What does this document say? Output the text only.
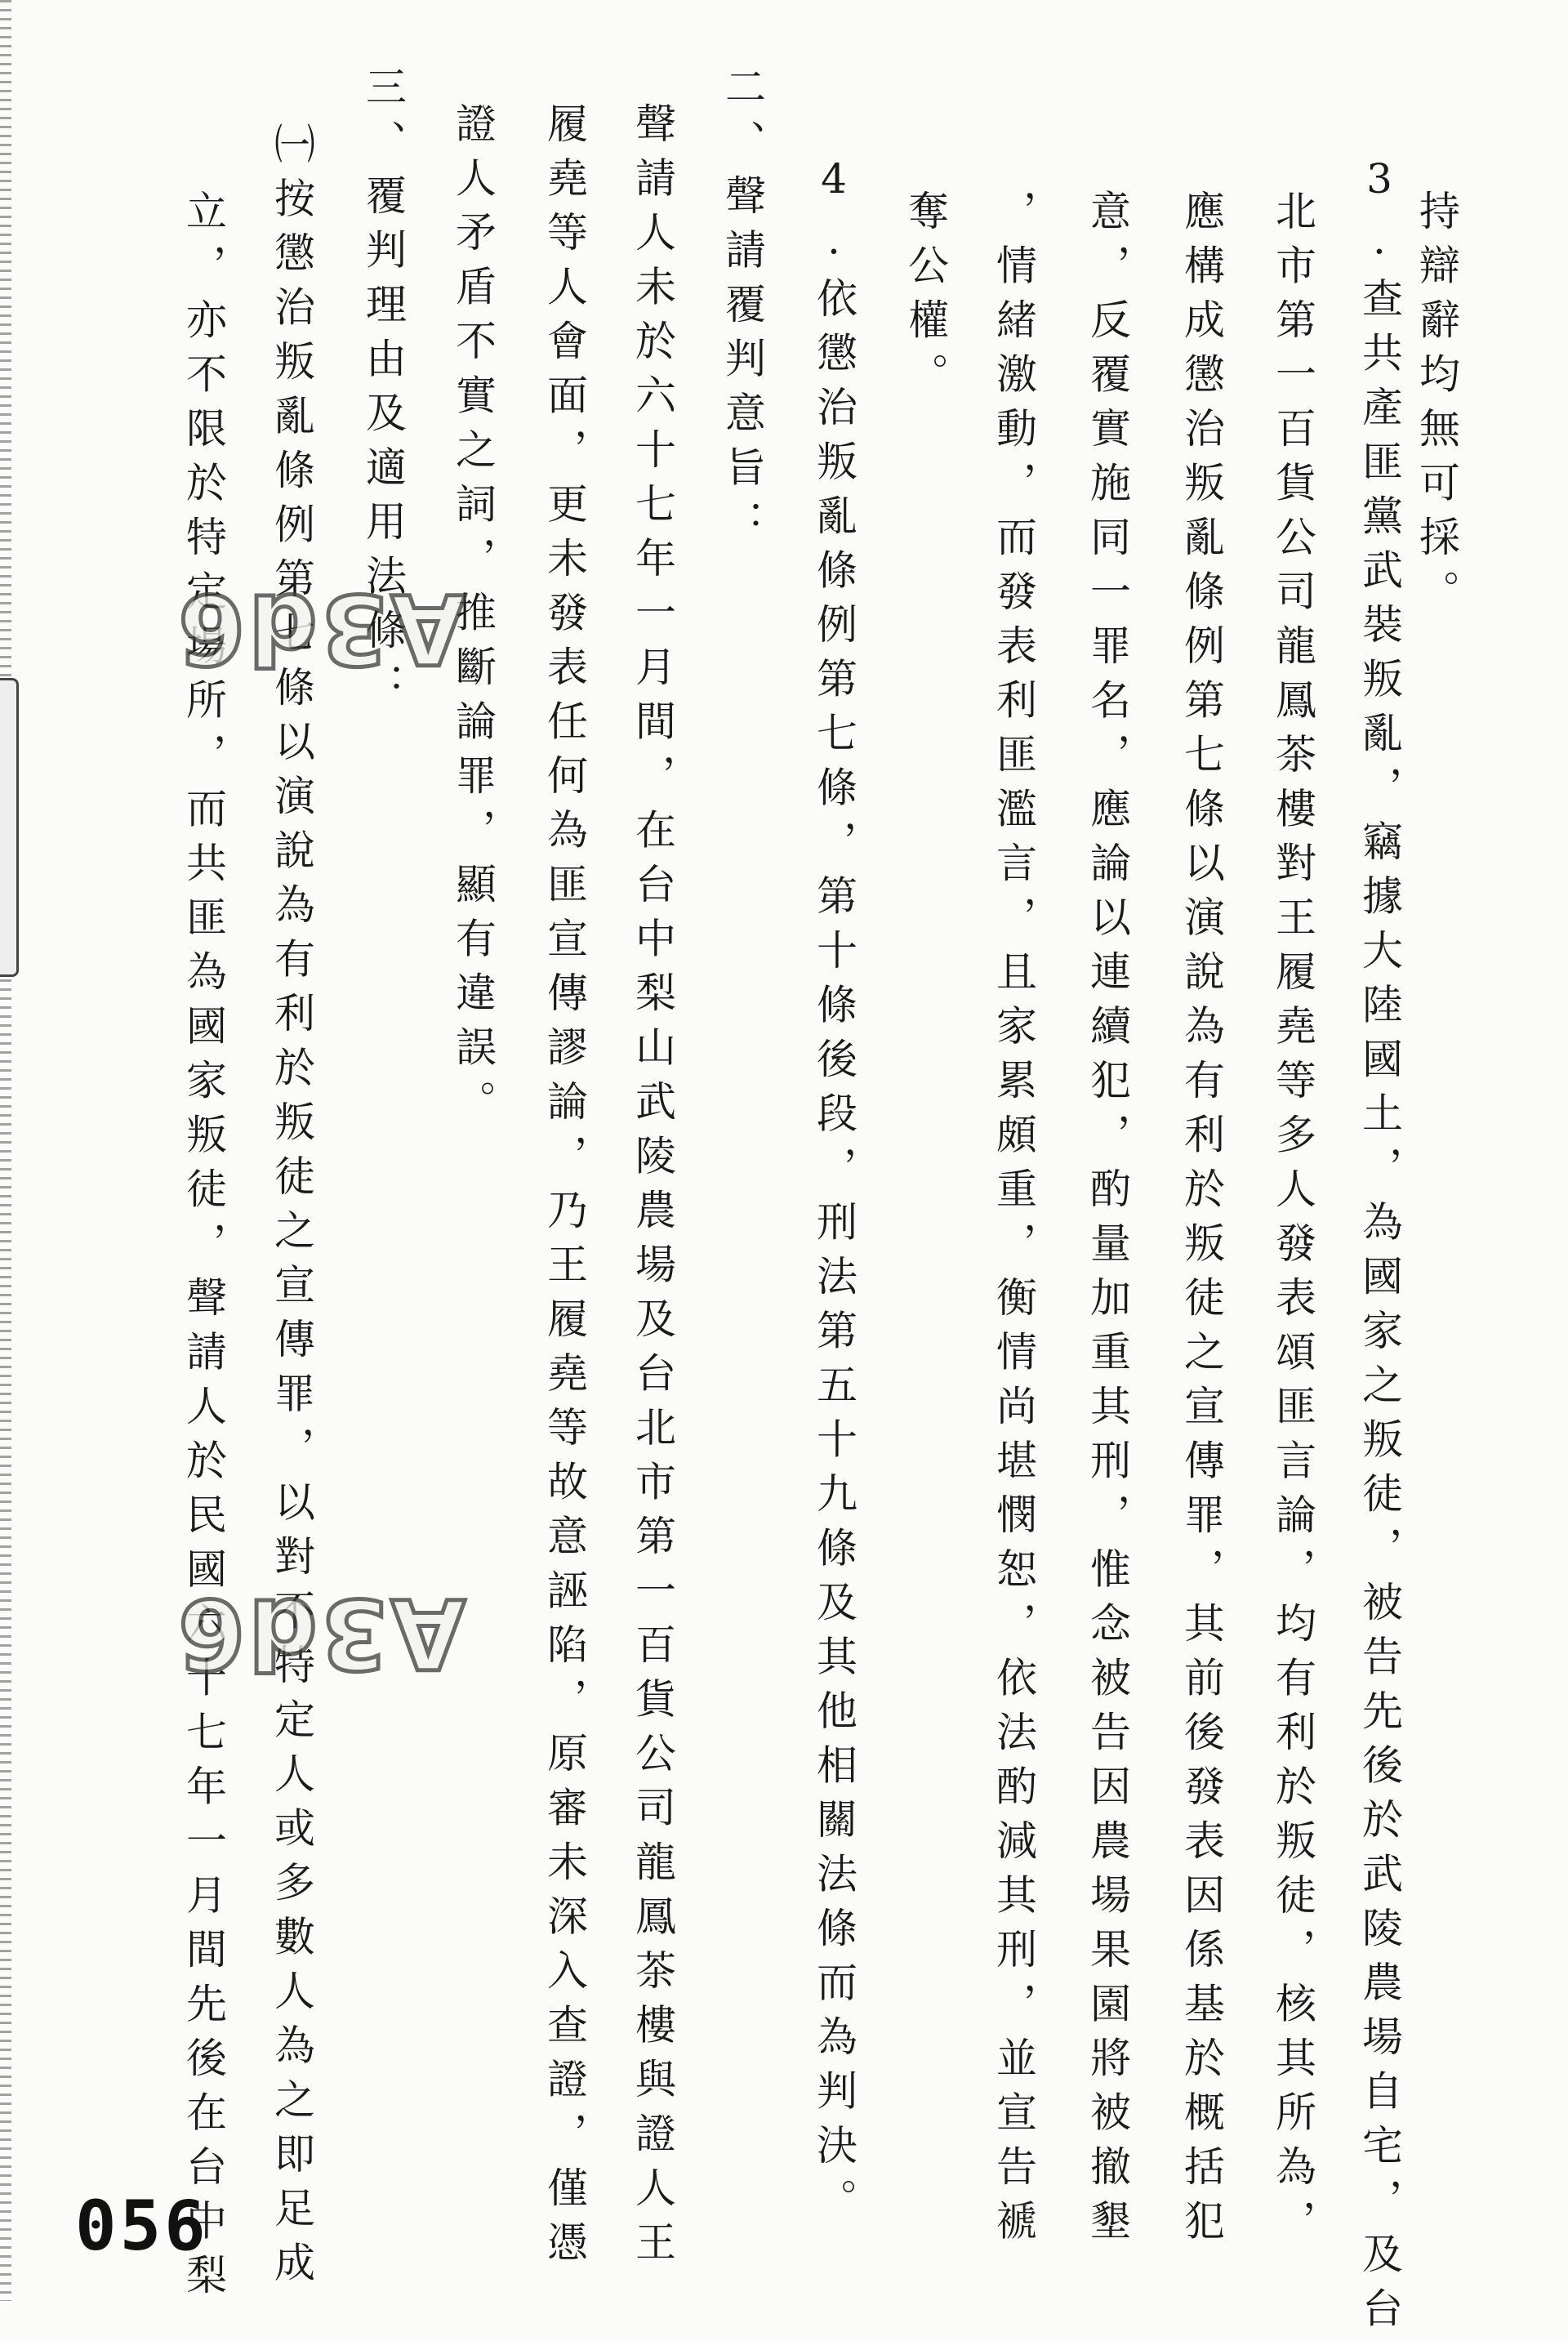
持辯辭均無可採。
3.查共產匪黨武裝叛亂，竊據大陸國土，為國家之叛徒，被告先後於武陵農場自宅，及台
北市第一百貨公司龍鳳茶樓對王履堯等多人發表頌匪言論，均有利於叛徒，核其所為，
應構成懲治叛亂條例第七條以演說為有利於叛徒之宣傳罪，其前後發表因係基於概括犯
意，反覆實施同一罪名，應論以連續犯，酌量加重其刑，惟念被告因農場果園將被撤墾
，情緒激動，而發表利匪濫言，且家累頗重，衡情尚堪憫恕，依法酌減其刑，並宣告褫
奪公權。
4.依懲治叛亂條例第七條，第十條後段，刑法第五十九條及其他相關法條而為判決。
二、聲請覆判意旨：
聲請人未於六十七年一月間，在台中梨山武陵農場及台北市第一百貨公司龍鳳茶樓與證人王
履堯等人會面，更未發表任何為匪宣傳謬論，乃王履堯等故意誣陷，原審未深入查證，僅憑
證人矛盾不實之詞，推斷論罪，顯有違誤。
三、覆判理由及適用法條：
㈠按懲治叛亂條例第七條以演說為有利於叛徒之宣傳罪，以對不特定人或多數人為之即足成
立，亦不限於特定場所，而共匪為國家叛徒，聲請人於民國六十七年一月間先後在台中梨
A3d6
A3d6
056
